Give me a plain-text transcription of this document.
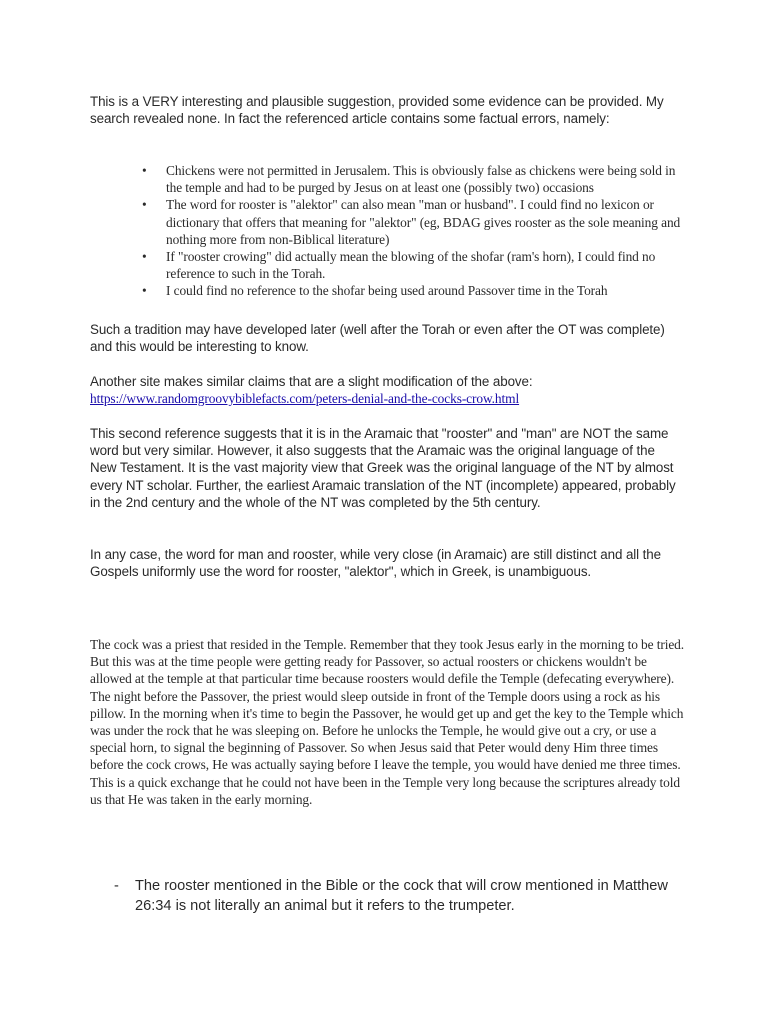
This is a VERY interesting and plausible suggestion, provided some evidence can be provided. My search revealed none. In fact the referenced article contains some factual errors, namely:

• Chickens were not permitted in Jerusalem. This is obviously false as chickens were being sold in the temple and had to be purged by Jesus on at least one (possibly two) occasions
• The word for rooster is "alektor" can also mean "man or husband". I could find no lexicon or dictionary that offers that meaning for "alektor" (eg, BDAG gives rooster as the sole meaning and nothing more from non-Biblical literature)
• If "rooster crowing" did actually mean the blowing of the shofar (ram's horn), I could find no reference to such in the Torah.
• I could find no reference to the shofar being used around Passover time in the Torah

Such a tradition may have developed later (well after the Torah or even after the OT was complete) and this would be interesting to know.

Another site makes similar claims that are a slight modification of the above: https://www.randomgroovybiblefacts.com/peters-denial-and-the-cocks-crow.html

This second reference suggests that it is in the Aramaic that "rooster" and "man" are NOT the same word but very similar. However, it also suggests that the Aramaic was the original language of the New Testament. It is the vast majority view that Greek was the original language of the NT by almost every NT scholar. Further, the earliest Aramaic translation of the NT (incomplete) appeared, probably in the 2nd century and the whole of the NT was completed by the 5th century.

In any case, the word for man and rooster, while very close (in Aramaic) are still distinct and all the Gospels uniformly use the word for rooster, "alektor", which in Greek, is unambiguous.

The cock was a priest that resided in the Temple. Remember that they took Jesus early in the morning to be tried. But this was at the time people were getting ready for Passover, so actual roosters or chickens wouldn't be allowed at the temple at that particular time because roosters would defile the Temple (defecating everywhere). The night before the Passover, the priest would sleep outside in front of the Temple doors using a rock as his pillow. In the morning when it's time to begin the Passover, he would get up and get the key to the Temple which was under the rock that he was sleeping on. Before he unlocks the Temple, he would give out a cry, or use a special horn, to signal the beginning of Passover. So when Jesus said that Peter would deny Him three times before the cock crows, He was actually saying before I leave the temple, you would have denied me three times. This is a quick exchange that he could not have been in the Temple very long because the scriptures already told us that He was taken in the early morning.

-	The rooster mentioned in the Bible or the cock that will crow mentioned in Matthew 26:34 is not literally an animal but it refers to the trumpeter.
